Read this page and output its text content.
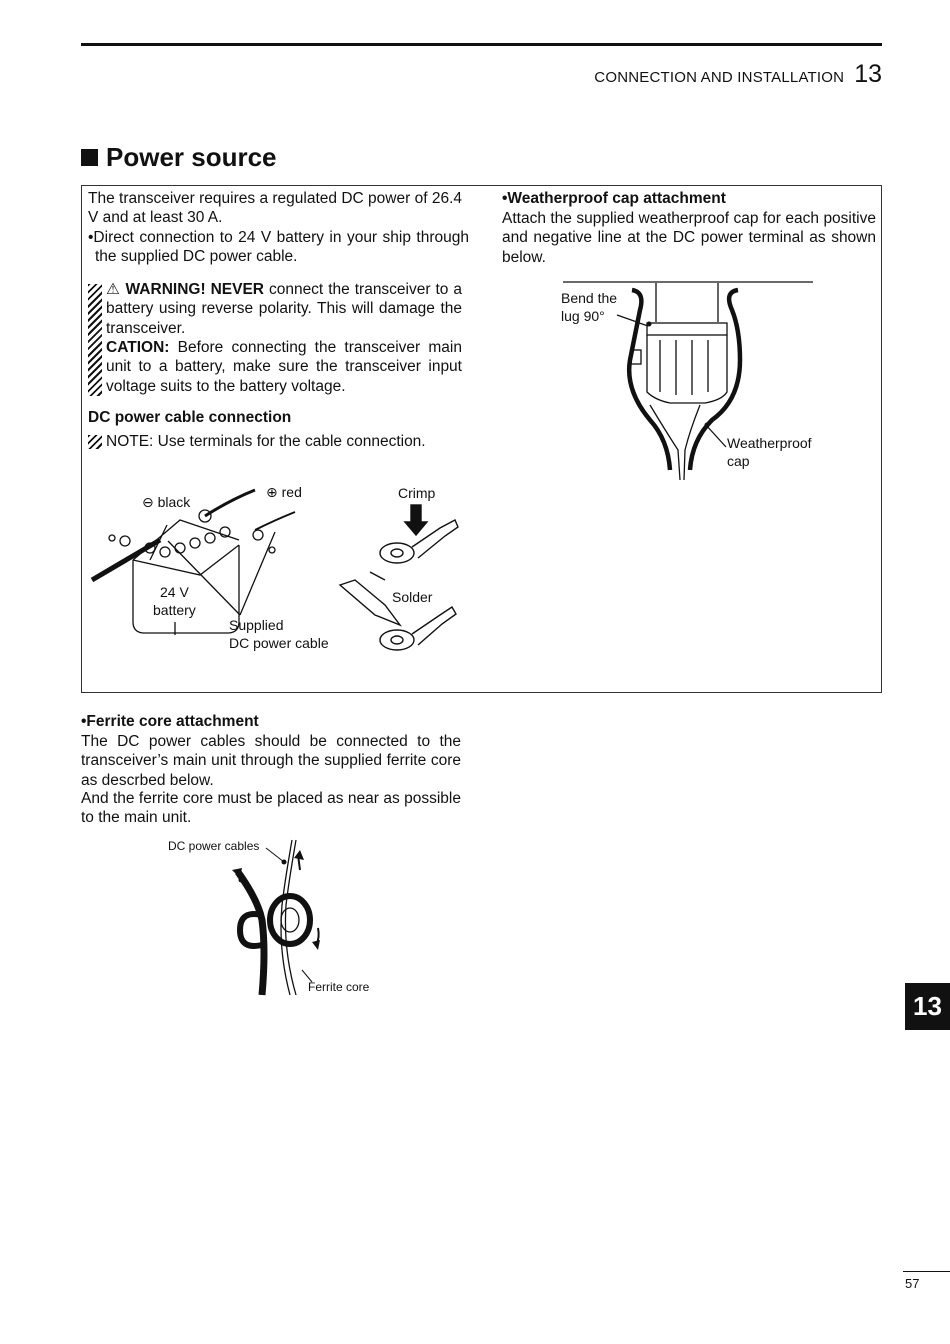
CONNECTION AND INSTALLATION 13
Power source
The transceiver requires a regulated DC power of 26.4 V and at least 30 A.
•Direct connection to 24 V battery in your ship through the supplied DC power cable.
⚠ WARNING! NEVER connect the transceiver to a battery using reverse polarity. This will damage the transceiver.
CATION: Before connecting the transceiver main unit to a battery, make sure the transceiver input voltage suits to the battery voltage.
DC power cable connection
NOTE: Use terminals for the cable connection.
•Weatherproof cap attachment
Attach the supplied weatherproof cap for each positive and negative line at the DC power terminal as shown below.
⊖ black
⊕ red
24 V
battery
Supplied
DC power cable
Crimp
Solder
Bend the
lug 90°
Weatherproof
cap
•Ferrite core attachment
The DC power cables should be connected to the transceiver’s main unit through the supplied ferrite core as descrbed below.
And the ferrite core must be placed as near as possible to the main unit.
DC power cables
Ferrite core
13
57
